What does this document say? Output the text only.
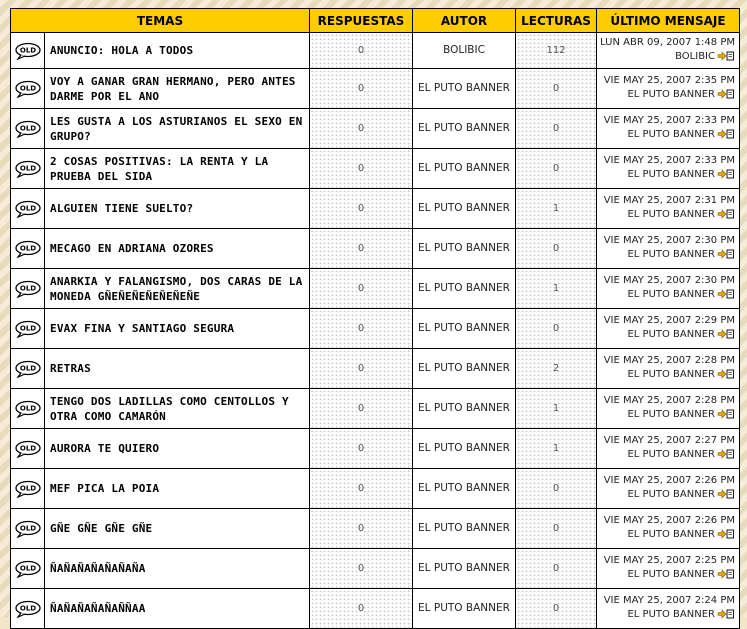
TEMAS		RESPUESTAS	AUTOR	LECTURAS	ÚLTIMO MENSAJE

OLD	ANUNCIO: HOLA A TODOS	0	BOLIBIC	112	LUN ABR 09, 2007 1:48 PM
BOLIBIC

OLD	VOY A GANAR GRAN HERMANO, PERO ANTES DARME POR EL ANO	0	EL PUTO BANNER	0	VIE MAY 25, 2007 2:35 PM
EL PUTO BANNER

OLD	LES GUSTA A LOS ASTURIANOS EL SEXO EN GRUPO?	0	EL PUTO BANNER	0	VIE MAY 25, 2007 2:33 PM
EL PUTO BANNER

OLD	2 COSAS POSITIVAS: LA RENTA Y LA PRUEBA DEL SIDA	0	EL PUTO BANNER	0	VIE MAY 25, 2007 2:33 PM
EL PUTO BANNER

OLD	ALGUIEN TIENE SUELTO?	0	EL PUTO BANNER	1	VIE MAY 25, 2007 2:31 PM
EL PUTO BANNER

OLD	MECAGO EN ADRIANA OZORES	0	EL PUTO BANNER	0	VIE MAY 25, 2007 2:30 PM
EL PUTO BANNER

OLD	ANARKIA Y FALANGISMO, DOS CARAS DE LA MONEDA GÑEÑEÑEÑEÑEÑEÑE	0	EL PUTO BANNER	1	VIE MAY 25, 2007 2:30 PM
EL PUTO BANNER

OLD	EVAX FINA Y SANTIAGO SEGURA	0	EL PUTO BANNER	0	VIE MAY 25, 2007 2:29 PM
EL PUTO BANNER

OLD	RETRAS	0	EL PUTO BANNER	2	VIE MAY 25, 2007 2:28 PM
EL PUTO BANNER

OLD	TENGO DOS LADILLAS COMO CENTOLLOS Y OTRA COMO CAMARÓN	0	EL PUTO BANNER	1	VIE MAY 25, 2007 2:28 PM
EL PUTO BANNER

OLD	AURORA TE QUIERO	0	EL PUTO BANNER	1	VIE MAY 25, 2007 2:27 PM
EL PUTO BANNER

OLD	MEF PICA LA POIA	0	EL PUTO BANNER	0	VIE MAY 25, 2007 2:26 PM
EL PUTO BANNER

OLD	GÑE GÑE GÑE GÑE	0	EL PUTO BANNER	0	VIE MAY 25, 2007 2:26 PM
EL PUTO BANNER

OLD	ÑAÑAÑAÑAÑAÑAÑA	0	EL PUTO BANNER	0	VIE MAY 25, 2007 2:25 PM
EL PUTO BANNER

OLD	ÑAÑAÑAÑAÑAÑÑAA	0	EL PUTO BANNER	0	VIE MAY 25, 2007 2:24 PM
EL PUTO BANNER
